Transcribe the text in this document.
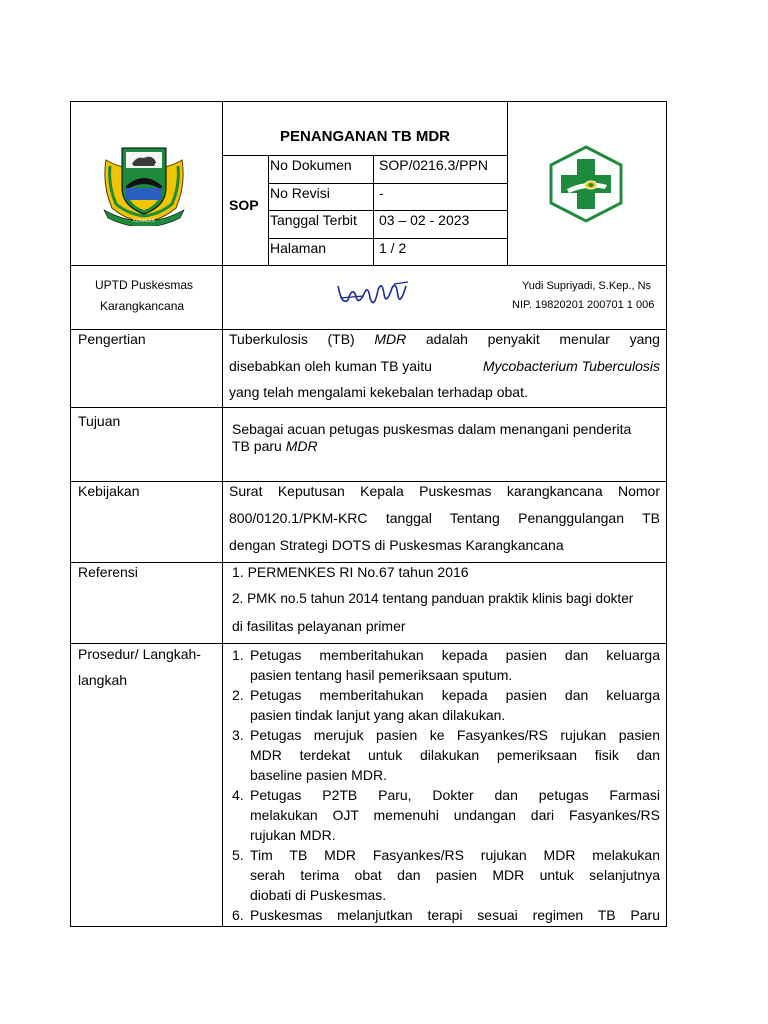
KUNINGAN
PENANGANAN TB MDR
SOP
No Dokumen SOP/0216.3/PPN
No Revisi	-
Tanggal Terbit 03 – 02 - 2023
Halaman	1 / 2
UPTD Puskesmas
Karangkancana
Yudi Supriyadi, S.Kep., Ns
NIP. 19820201 200701 1 006
Pengertian	Tuberkulosis (TB) MDR adalah penyakit menular yang
disebabkan oleh kuman TB yaitu	Mycobacterium Tuberculosis
yang telah mengalami kekebalan terhadap obat.
Tujuan	Sebagai acuan petugas puskesmas dalam menangani penderita
TB paru MDR
Kebijakan	Surat Keputusan Kepala Puskesmas karangkancana Nomor
800/0120.1/PKM-KRC tanggal Tentang Penanggulangan TB
dengan Strategi DOTS di Puskesmas Karangkancana
Referensi	1. PERMENKES RI No.67 tahun 2016
2. PMK no.5 tahun 2014 tentang panduan praktik klinis bagi dokter
di fasilitas pelayanan primer
Prosedur/ Langkah-
langkah
1. Petugas memberitahukan kepada pasien dan keluarga
pasien tentang hasil pemeriksaan sputum.
2. Petugas memberitahukan kepada pasien dan keluarga
pasien tindak lanjut yang akan dilakukan.
3. Petugas merujuk pasien ke Fasyankes/RS rujukan pasien
MDR terdekat untuk dilakukan pemeriksaan fisik dan
baseline pasien MDR.
4. Petugas P2TB Paru, Dokter dan petugas Farmasi
melakukan OJT memenuhi undangan dari Fasyankes/RS
rujukan MDR.
5. Tim TB MDR Fasyankes/RS rujukan MDR melakukan
serah terima obat dan pasien MDR untuk selanjutnya
diobati di Puskesmas.
6. Puskesmas melanjutkan terapi sesuai regimen TB Paru
